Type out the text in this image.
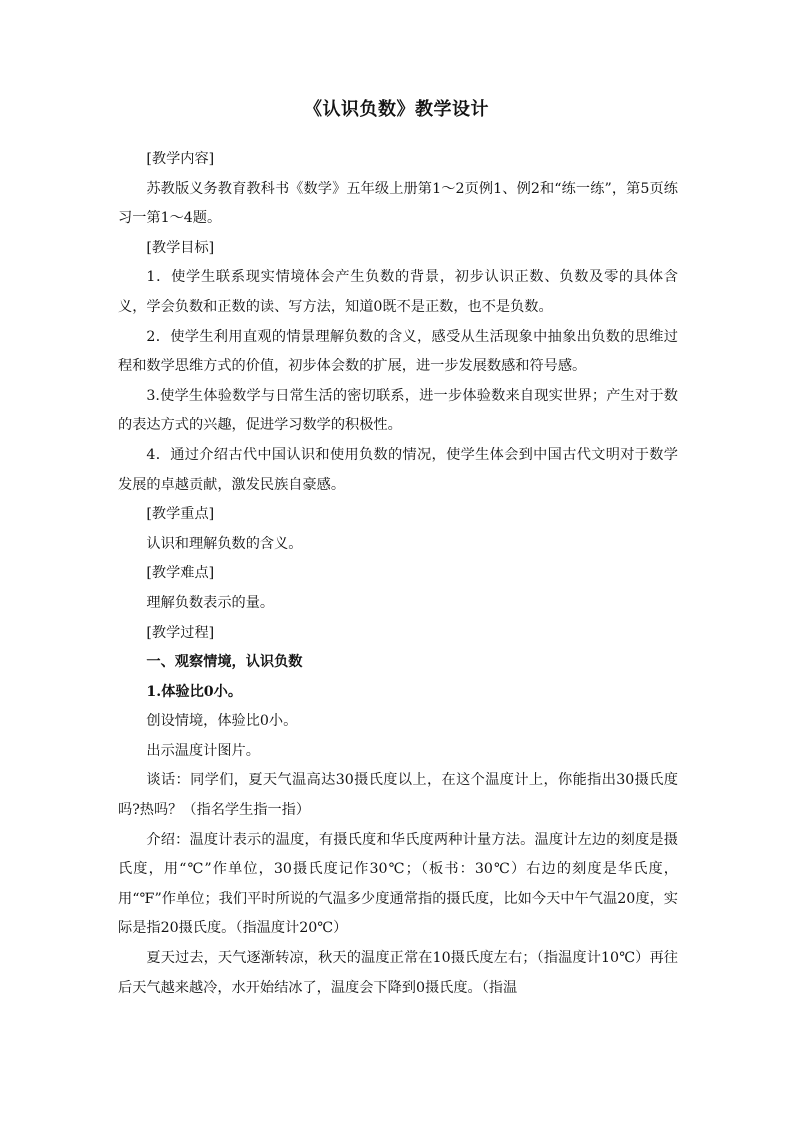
《认识负数》教学设计

[教学内容]

苏教版义务教育教科书《数学》五年级上册第1～2页例1、例2和“练一练”，第5页练习一第1～4题。

[教学目标]

1．使学生联系现实情境体会产生负数的背景，初步认识正数、负数及零的具体含义，学会负数和正数的读、写方法，知道0既不是正数，也不是负数。

2．使学生利用直观的情景理解负数的含义，感受从生活现象中抽象出负数的思维过程和数学思维方式的价值，初步体会数的扩展，进一步发展数感和符号感。

3.使学生体验数学与日常生活的密切联系，进一步体验数来自现实世界；产生对于数的表达方式的兴趣，促进学习数学的积极性。

4．通过介绍古代中国认识和使用负数的情况，使学生体会到中国古代文明对于数学发展的卓越贡献，激发民族自豪感。

[教学重点]

认识和理解负数的含义。

[教学难点]

理解负数表示的量。

[教学过程]

一、观察情境，认识负数

1.体验比0小。

创设情境，体验比0小。

出示温度计图片。

谈话：同学们，夏天气温高达30摄氏度以上，在这个温度计上，你能指出30摄氏度吗?热吗？（指名学生指一指）

介绍：温度计表示的温度，有摄氏度和华氏度两种计量方法。温度计左边的刻度是摄氏度，用“℃”作单位，30摄氏度记作30℃；（板书：30℃）右边的刻度是华氏度，用“℉”作单位；我们平时所说的气温多少度通常指的摄氏度，比如今天中午气温20度，实际是指20摄氏度。（指温度计20℃）

夏天过去，天气逐渐转凉，秋天的温度正常在10摄氏度左右；（指温度计10℃）再往后天气越来越冷，水开始结冰了，温度会下降到0摄氏度。（指温
